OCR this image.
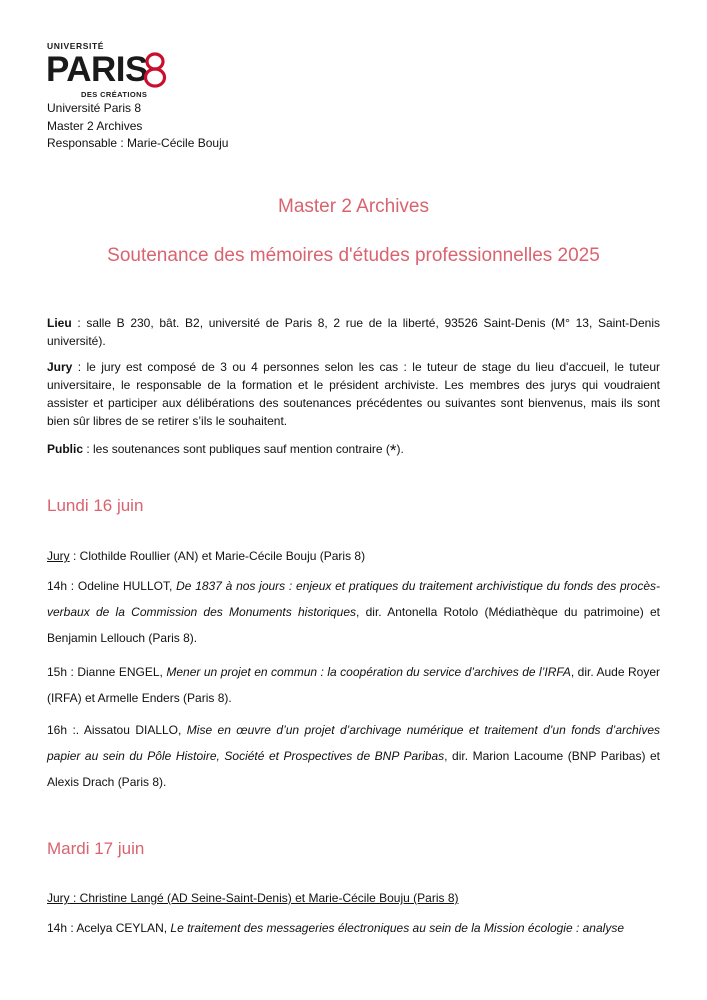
UNIVERSITÉ
PARIS
DES CRÉATIONS
Université Paris 8
Master 2 Archives
Responsable : Marie-Cécile Bouju
Master 2 Archives
Soutenance des mémoires d'études professionnelles 2025
Lieu : salle B 230, bât. B2, université de Paris 8, 2 rue de la liberté, 93526 Saint-Denis (M° 13, Saint-Denis université).
Jury : le jury est composé de 3 ou 4 personnes selon les cas : le tuteur de stage du lieu d'accueil, le tuteur universitaire, le responsable de la formation et le président archiviste. Les membres des jurys qui voudraient assister et participer aux délibérations des soutenances précédentes ou suivantes sont bienvenus, mais ils sont bien sûr libres de se retirer s’ils le souhaitent.
Public : les soutenances sont publiques sauf mention contraire (*).
Lundi 16 juin
Jury : Clothilde Roullier (AN) et Marie-Cécile Bouju (Paris 8)
14h : Odeline HULLOT, De 1837 à nos jours : enjeux et pratiques du traitement archivistique du fonds des procès-verbaux de la Commission des Monuments historiques, dir. Antonella Rotolo (Médiathèque du patrimoine) et Benjamin Lellouch (Paris 8).
15h : Dianne ENGEL, Mener un projet en commun : la coopération du service d’archives de l’IRFA, dir. Aude Royer (IRFA) et Armelle Enders (Paris 8).
16h :. Aissatou DIALLO, Mise en œuvre d’un projet d’archivage numérique et traitement d’un fonds d’archives papier au sein du Pôle Histoire, Société et Prospectives de BNP Paribas, dir. Marion Lacoume (BNP Paribas) et Alexis Drach (Paris 8).
Mardi 17 juin
Jury : Christine Langé (AD Seine-Saint-Denis) et Marie-Cécile Bouju (Paris 8)
14h : Acelya CEYLAN, Le traitement des messageries électroniques au sein de la Mission écologie : analyse
